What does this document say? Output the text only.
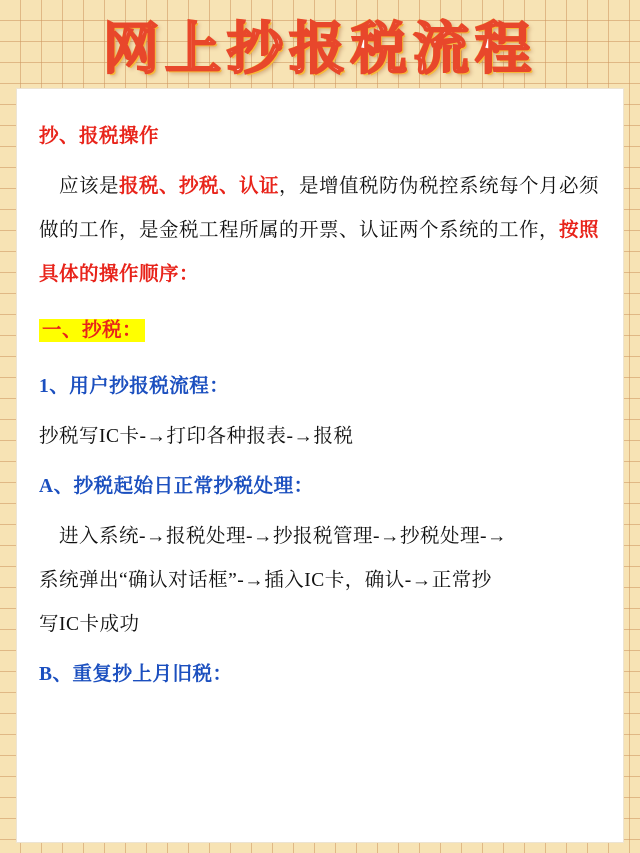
网上抄报税流程

抄、报税操作

　应该是报税、抄税、认证，是增值税防伪税控系统每个月必须做的工作，是金税工程所属的开票、认证两个系统的工作，按照具体的操作顺序：

一、抄税：

1、用户抄报税流程：

抄税写IC卡-→打印各种报表-→报税

A、抄税起始日正常抄税处理：

　进入系统-→报税处理-→抄报税管理-→抄税处理-→

系统弹出“确认对话框”-→插入IC卡，确认-→正常抄

写IC卡成功

B、重复抄上月旧税：
